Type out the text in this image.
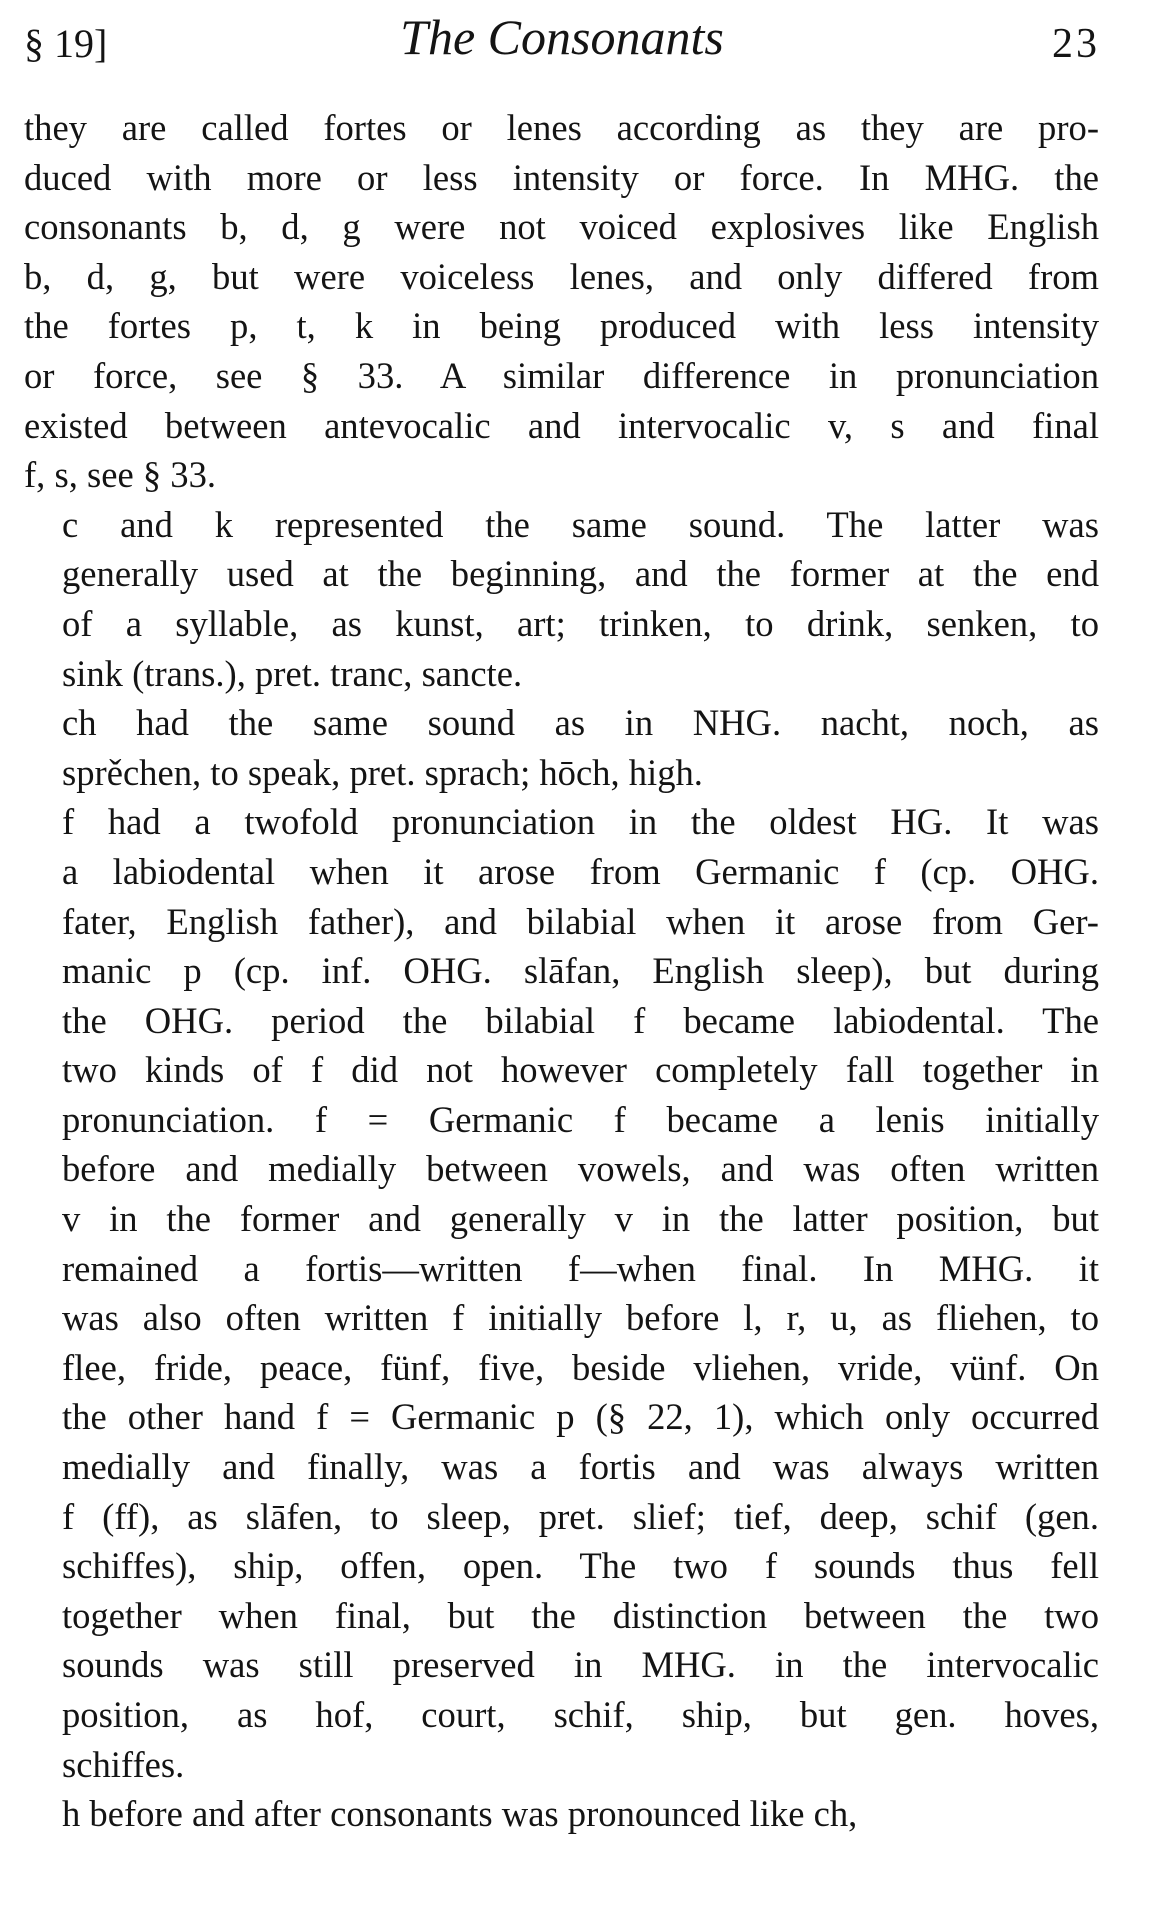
§ 19]	The Consonants	23

they are called fortes or lenes according as they are pro-
duced with more or less intensity or force. In MHG. the
consonants b, d, g were not voiced explosives like English
b, d, g, but were voiceless lenes, and only differed from
the fortes p, t, k in being produced with less intensity
or force, see § 33. A similar difference in pronunciation
existed between antevocalic and intervocalic v, s and final
f, s, see § 33.

c and k represented the same sound. The latter was
generally used at the beginning, and the former at the end
of a syllable, as kunst, art; trinken, to drink, senken, to
sink (trans.), pret. tranc, sancte.

ch had the same sound as in NHG. nacht, noch, as
sprěchen, to speak, pret. sprach; hōch, high.

f had a twofold pronunciation in the oldest HG. It was
a labiodental when it arose from Germanic f (cp. OHG.
fater, English father), and bilabial when it arose from Ger-
manic p (cp. inf. OHG. slāfan, English sleep), but during
the OHG. period the bilabial f became labiodental. The
two kinds of f did not however completely fall together in
pronunciation. f = Germanic f became a lenis initially
before and medially between vowels, and was often written
v in the former and generally v in the latter position, but
remained a fortis—written f—when final. In MHG. it
was also often written f initially before l, r, u, as fliehen, to
flee, fride, peace, fünf, five, beside vliehen, vride, vünf. On
the other hand f = Germanic p (§ 22, 1), which only occurred
medially and finally, was a fortis and was always written
f (ff), as slāfen, to sleep, pret. slief; tief, deep, schif (gen.
schiffes), ship, offen, open. The two f sounds thus fell
together when final, but the distinction between the two
sounds was still preserved in MHG. in the intervocalic
position, as hof, court, schif, ship, but gen. hoves,
schiffes.

h before and after consonants was pronounced like ch,
